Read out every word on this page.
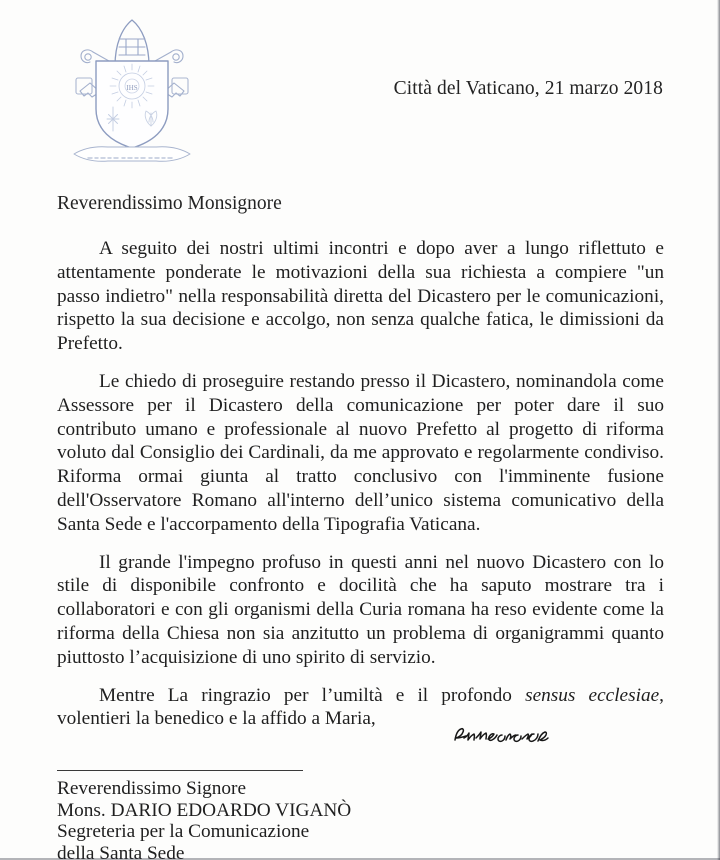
IHS	Città del Vaticano, 21 marzo 2018
Reverendissimo Monsignore

A seguito dei nostri ultimi incontri e dopo aver a lungo riflettuto e attentamente ponderate le motivazioni della sua richiesta a compiere "un passo indietro" nella responsabilità diretta del Dicastero per le comunicazioni, rispetto la sua decisione e accolgo, non senza qualche fatica, le dimissioni da Prefetto.

Le chiedo di proseguire restando presso il Dicastero, nominandola come Assessore per il Dicastero della comunicazione per poter dare il suo contributo umano e professionale al nuovo Prefetto al progetto di riforma voluto dal Consiglio dei Cardinali, da me approvato e regolarmente condiviso. Riforma ormai giunta al tratto conclusivo con l'imminente fusione dell'Osservatore Romano all'interno dell’unico sistema comunicativo della Santa Sede e l'accorpamento della Tipografia Vaticana.

Il grande l'impegno profuso in questi anni nel nuovo Dicastero con lo stile di disponibile confronto e docilità che ha saputo mostrare tra i collaboratori e con gli organismi della Curia romana ha reso evidente come la riforma della Chiesa non sia anzitutto un problema di organigrammi quanto piuttosto l’acquisizione di uno spirito di servizio.

Mentre La ringrazio per l’umiltà e il profondo sensus ecclesiae, volentieri la benedico e la affido a Maria,

Reverendissimo Signore
Mons. DARIO EDOARDO VIGANÒ
Segreteria per la Comunicazione
della Santa Sede
